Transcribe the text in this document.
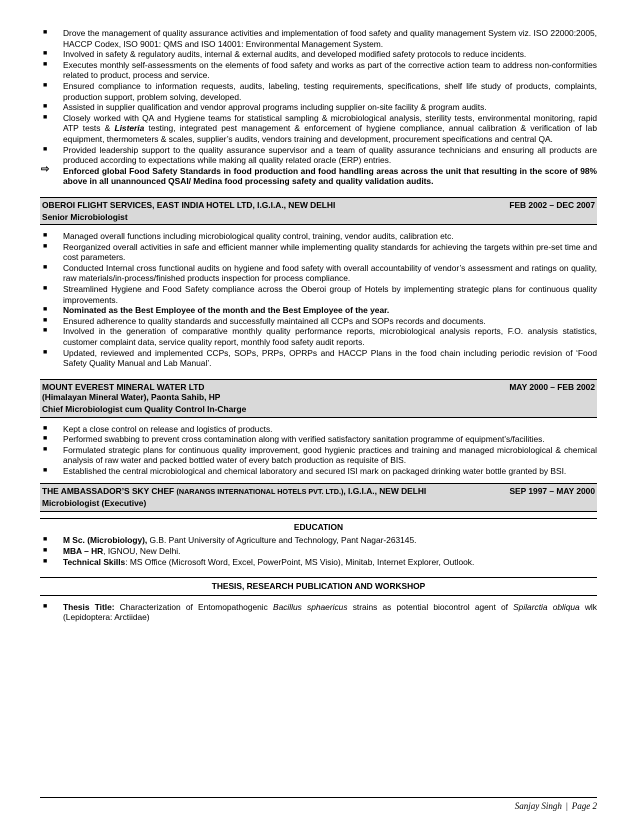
■ Drove the management of quality assurance activities and implementation of food safety and quality management System viz. ISO 22000:2005, HACCP Codex, ISO 9001: QMS and ISO 14001: Environmental Management System.
■ Involved in safety & regulatory audits, internal & external audits, and developed modified safety protocols to reduce incidents.
■ Executes monthly self-assessments on the elements of food safety and works as part of the corrective action team to address non-conformities related to product, process and service.
■ Ensured compliance to information requests, audits, labeling, testing requirements, specifications, shelf life study of products, complaints, production support, problem solving, developed.
■ Assisted in supplier qualification and vendor approval programs including supplier on-site facility & program audits.
■ Closely worked with QA and Hygiene teams for statistical sampling & microbiological analysis, sterility tests, environmental monitoring, rapid ATP tests & Listeria testing, integrated pest management & enforcement of hygiene compliance, annual calibration & verification of lab equipment, thermometers & scales, supplier’s audits, vendors training and development, procurement specifications and central QA.
■ Provided leadership support to the quality assurance supervisor and a team of quality assurance technicians and ensuring all products are produced according to expectations while making all quality related oracle (ERP) entries.
⇨ Enforced global Food Safety Standards in food production and food handling areas across the unit that resulting in the score of 98% above in all unannounced QSAI/ Medina food processing safety and quality validation audits.
OBEROI FLIGHT SERVICES, EAST INDIA HOTEL LTD, I.G.I.A., NEW DELHI	FEB 2002 – DEC 2007
Senior Microbiologist
■ Managed overall functions including microbiological quality control, training, vendor audits, calibration etc.
■ Reorganized overall activities in safe and efficient manner while implementing quality standards for achieving the targets within pre-set time and cost parameters.
■ Conducted Internal cross functional audits on hygiene and food safety with overall accountability of vendor’s assessment and ratings on quality, raw materials/in-process/finished products inspection for process compliance.
■ Streamlined Hygiene and Food Safety compliance across the Oberoi group of Hotels by implementing strategic plans for continuous quality improvements.
■ Nominated as the Best Employee of the month and the Best Employee of the year.
■ Ensured adherence to quality standards and successfully maintained all CCPs and SOPs records and documents.
■ Involved in the generation of comparative monthly quality performance reports, microbiological analysis reports, F.O. analysis statistics, customer complaint data, service quality report, monthly food safety audit reports.
■ Updated, reviewed and implemented CCPs, SOPs, PRPs, OPRPs and HACCP Plans in the food chain including periodic revision of ‘Food Safety Quality Manual and Lab Manual’.
MOUNT EVEREST MINERAL WATER LTD	MAY 2000 – FEB 2002
(Himalayan Mineral Water), Paonta Sahib, HP
Chief Microbiologist cum Quality Control In-Charge
■ Kept a close control on release and logistics of products.
■ Performed swabbing to prevent cross contamination along with verified satisfactory sanitation programme of equipment’s/facilities.
■ Formulated strategic plans for continuous quality improvement, good hygienic practices and training and managed microbiological & chemical analysis of raw water and packed bottled water of every batch production as requisite of BIS.
■ Established the central microbiological and chemical laboratory and secured ISI mark on packaged drinking water bottle granted by BSI.
THE AMBASSADOR’S SKY CHEF (NARANGS INTERNATIONAL HOTELS PVT. LTD.), I.G.I.A., NEW DELHI	SEP 1997 – MAY 2000
Microbiologist (Executive)
EDUCATION
■ M Sc. (Microbiology), G.B. Pant University of Agriculture and Technology, Pant Nagar-263145.
■ MBA – HR, IGNOU, New Delhi.
■ Technical Skills: MS Office (Microsoft Word, Excel, PowerPoint, MS Visio), Minitab, Internet Explorer, Outlook.
THESIS, RESEARCH PUBLICATION AND WORKSHOP
■ Thesis Title: Characterization of Entomopathogenic Bacillus sphaericus strains as potential biocontrol agent of Spilarctia obliqua wlk (Lepidoptera: Arctiidae)
Sanjay Singh | Page 2
